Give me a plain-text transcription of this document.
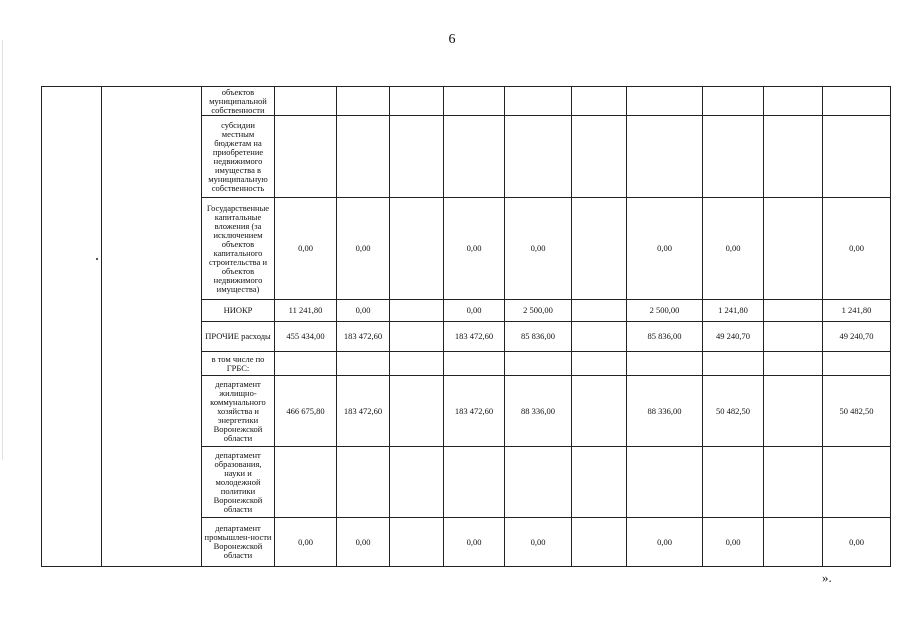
6
		объектов муниципальной собственности										
		субсидии местным бюджетам на приобретение недвижимого имущества в муниципальную собственность										
		Государственные капитальные вложения (за исключением объектов капитального строительства и объектов недвижимого имущества)	0,00	0,00		0,00	0,00		0,00	0,00		0,00
		НИОКР	11 241,80	0,00		0,00	2 500,00		2 500,00	1 241,80		1 241,80
		ПРОЧИЕ расходы	455 434,00	183 472,60		183 472,60	85 836,00		85 836,00	49 240,70		49 240,70
		в том числе по ГРБС:										
		департамент жилищно-коммунального хозяйства и энергетики Воронежской области	466 675,80	183 472,60		183 472,60	88 336,00		88 336,00	50 482,50		50 482,50
		департамент образования, науки и молодежной политики Воронежской области										
		департамент промышлен-ности Воронежской области	0,00	0,00		0,00	0,00		0,00	0,00		0,00
».
